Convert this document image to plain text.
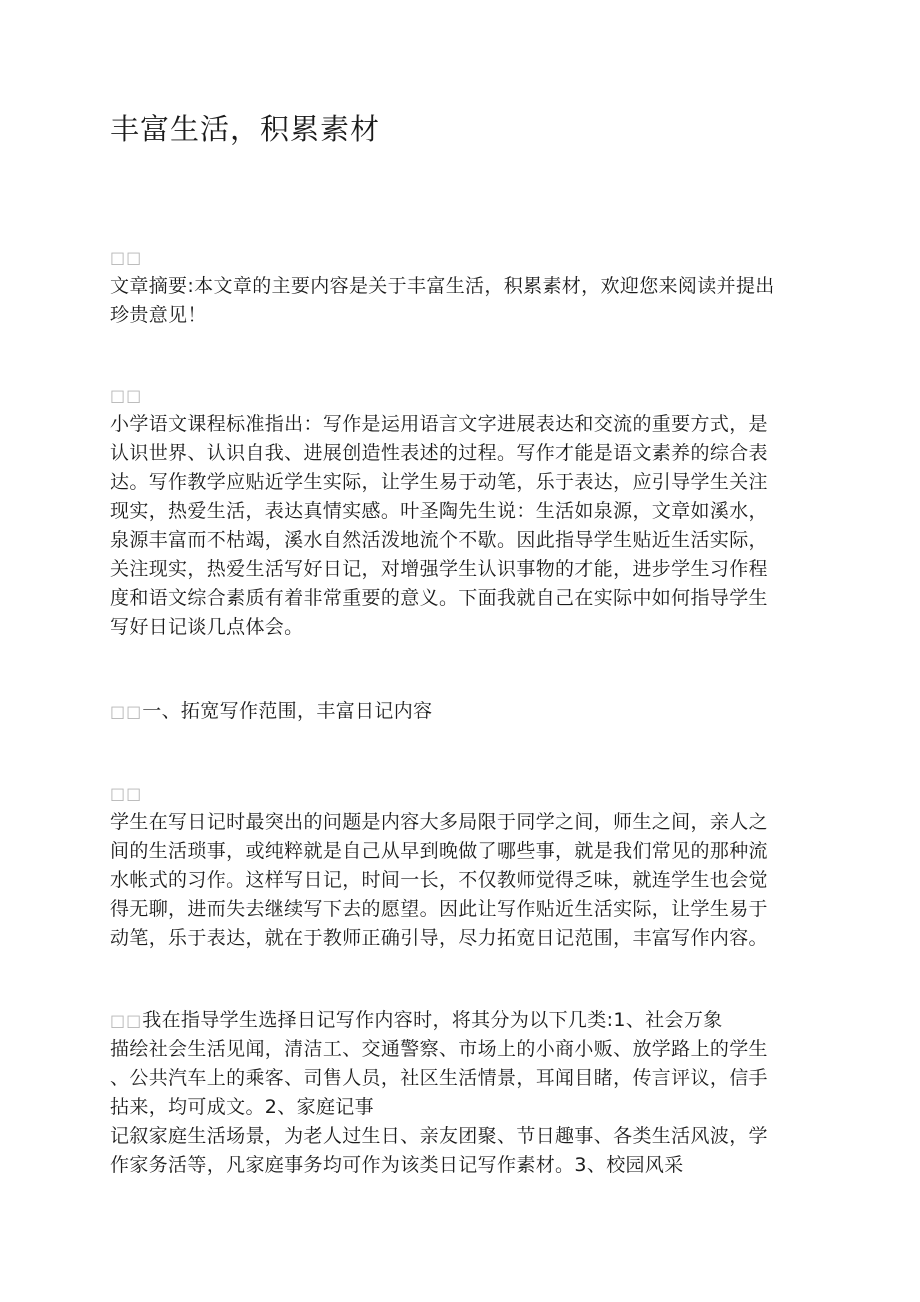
丰富生活，积累素材
□□
文章摘要:本文章的主要内容是关于丰富生活，积累素材，欢迎您来阅读并提出
珍贵意见！
□□
小学语文课程标准指出：写作是运用语言文字进展表达和交流的重要方式，是
认识世界、认识自我、进展创造性表述的过程。写作才能是语文素养的综合表
达。写作教学应贴近学生实际，让学生易于动笔，乐于表达，应引导学生关注
现实，热爱生活，表达真情实感。叶圣陶先生说：生活如泉源，文章如溪水，
泉源丰富而不枯竭，溪水自然活泼地流个不歇。因此指导学生贴近生活实际，
关注现实，热爱生活写好日记，对增强学生认识事物的才能，进步学生习作程
度和语文综合素质有着非常重要的意义。下面我就自己在实际中如何指导学生
写好日记谈几点体会。
□□一、拓宽写作范围，丰富日记内容
□□
学生在写日记时最突出的问题是内容大多局限于同学之间，师生之间，亲人之
间的生活琐事，或纯粹就是自己从早到晚做了哪些事，就是我们常见的那种流
水帐式的习作。这样写日记，时间一长，不仅教师觉得乏味，就连学生也会觉
得无聊，进而失去继续写下去的愿望。因此让写作贴近生活实际，让学生易于
动笔，乐于表达，就在于教师正确引导，尽力拓宽日记范围，丰富写作内容。
□□我在指导学生选择日记写作内容时，将其分为以下几类:1、社会万象
描绘社会生活见闻，清洁工、交通警察、市场上的小商小贩、放学路上的学生
、公共汽车上的乘客、司售人员，社区生活情景，耳闻目睹，传言评议，信手
拈来，均可成文。2、家庭记事
记叙家庭生活场景，为老人过生日、亲友团聚、节日趣事、各类生活风波，学
作家务活等，凡家庭事务均可作为该类日记写作素材。3、校园风采
